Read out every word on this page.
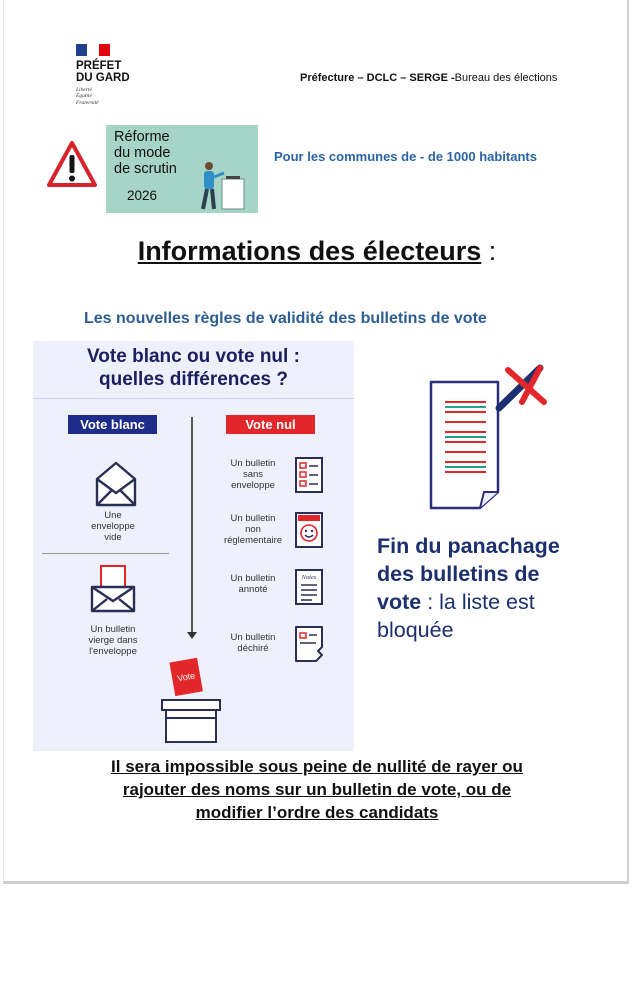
PRÉFET
DU GARD
Liberté
Égalité
Fraternité
Préfecture – DCLC – SERGE -Bureau des élections
Réforme
du mode
de scrutin
2026
Pour les communes de - de 1000 habitants
Informations des électeurs :
Les nouvelles règles de validité des bulletins de vote
Vote blanc ou vote nul :
quelles différences ?
Vote blanc	Vote nul
Une
enveloppe
vide
Un bulletin
vierge dans
l'enveloppe
Un bulletin
sans
enveloppe
Un bulletin
non
réglementaire
Un bulletin
annoté
Notes
Un bulletin
déchiré
Vote
Fin du panachage
des bulletins de
vote : la liste est
bloquée
Il sera impossible sous peine de nullité de rayer ou
rajouter des noms sur un bulletin de vote, ou de
modifier l’ordre des candidats
